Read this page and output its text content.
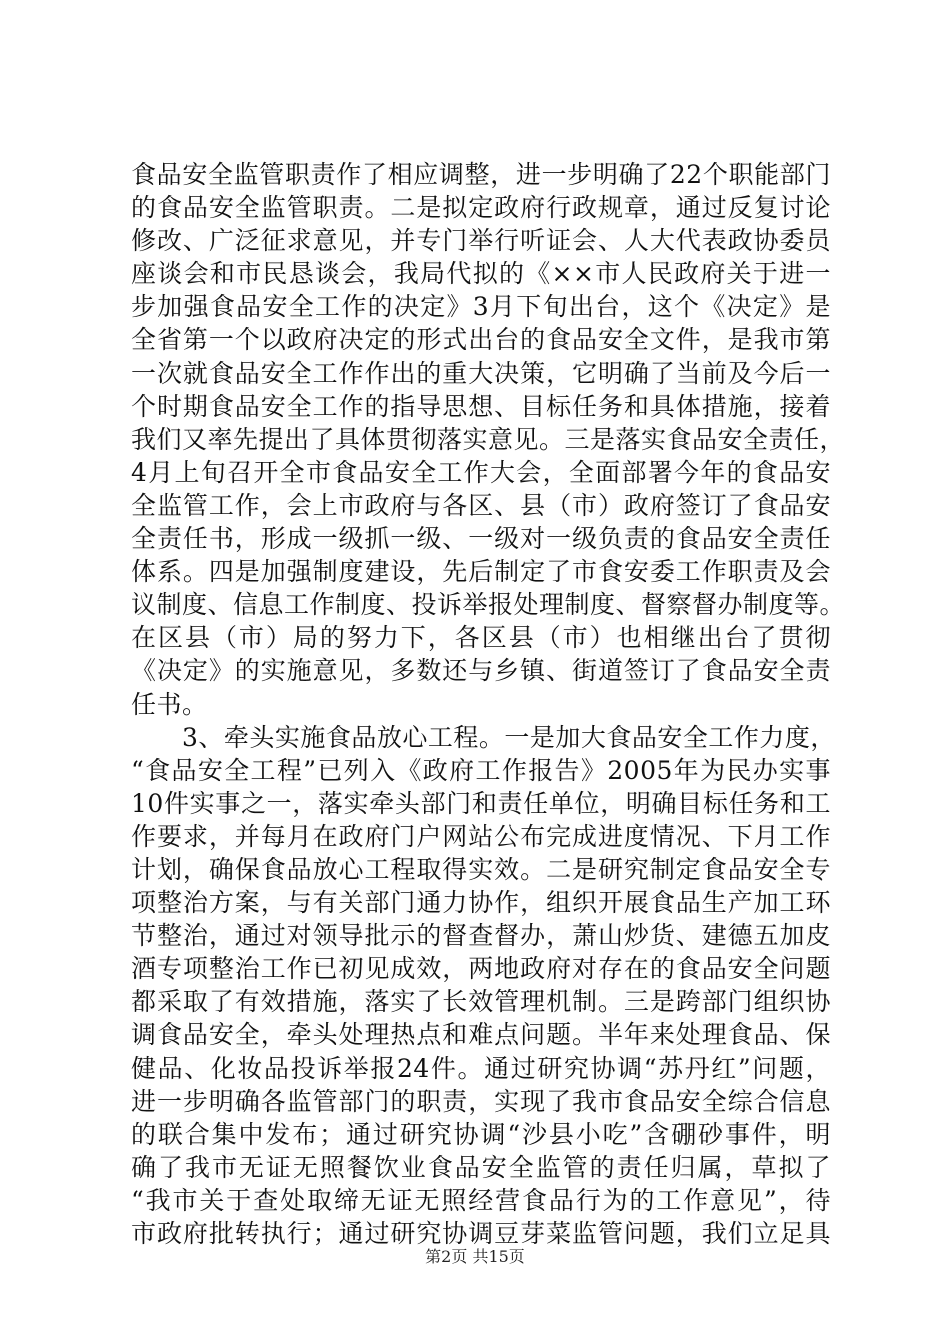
食品安全监管职责作了相应调整，进一步明确了22个职能部门
的食品安全监管职责。二是拟定政府行政规章，通过反复讨论
修改、广泛征求意见，并专门举行听证会、人大代表政协委员
座谈会和市民恳谈会，我局代拟的《××市人民政府关于进一
步加强食品安全工作的决定》3月下旬出台，这个《决定》是
全省第一个以政府决定的形式出台的食品安全文件，是我市第
一次就食品安全工作作出的重大决策，它明确了当前及今后一
个时期食品安全工作的指导思想、目标任务和具体措施，接着
我们又率先提出了具体贯彻落实意见。三是落实食品安全责任，
4月上旬召开全市食品安全工作大会，全面部署今年的食品安
全监管工作，会上市政府与各区、县（市）政府签订了食品安
全责任书，形成一级抓一级、一级对一级负责的食品安全责任
体系。四是加强制度建设，先后制定了市食安委工作职责及会
议制度、信息工作制度、投诉举报处理制度、督察督办制度等。
在区县（市）局的努力下，各区县（市）也相继出台了贯彻
《决定》的实施意见，多数还与乡镇、街道签订了食品安全责
任书。
　　3、牵头实施食品放心工程。一是加大食品安全工作力度，
“食品安全工程”已列入《政府工作报告》2005年为民办实事
10件实事之一，落实牵头部门和责任单位，明确目标任务和工
作要求，并每月在政府门户网站公布完成进度情况、下月工作
计划，确保食品放心工程取得实效。二是研究制定食品安全专
项整治方案，与有关部门通力协作，组织开展食品生产加工环
节整治，通过对领导批示的督查督办，萧山炒货、建德五加皮
酒专项整治工作已初见成效，两地政府对存在的食品安全问题
都采取了有效措施，落实了长效管理机制。三是跨部门组织协
调食品安全，牵头处理热点和难点问题。半年来处理食品、保
健品、化妆品投诉举报24件。通过研究协调“苏丹红”问题，
进一步明确各监管部门的职责，实现了我市食品安全综合信息
的联合集中发布；通过研究协调“沙县小吃”含硼砂事件，明
确了我市无证无照餐饮业食品安全监管的责任归属，草拟了
“我市关于查处取缔无证无照经营食品行为的工作意见”，待
市政府批转执行；通过研究协调豆芽菜监管问题，我们立足具
第2页 共15页
